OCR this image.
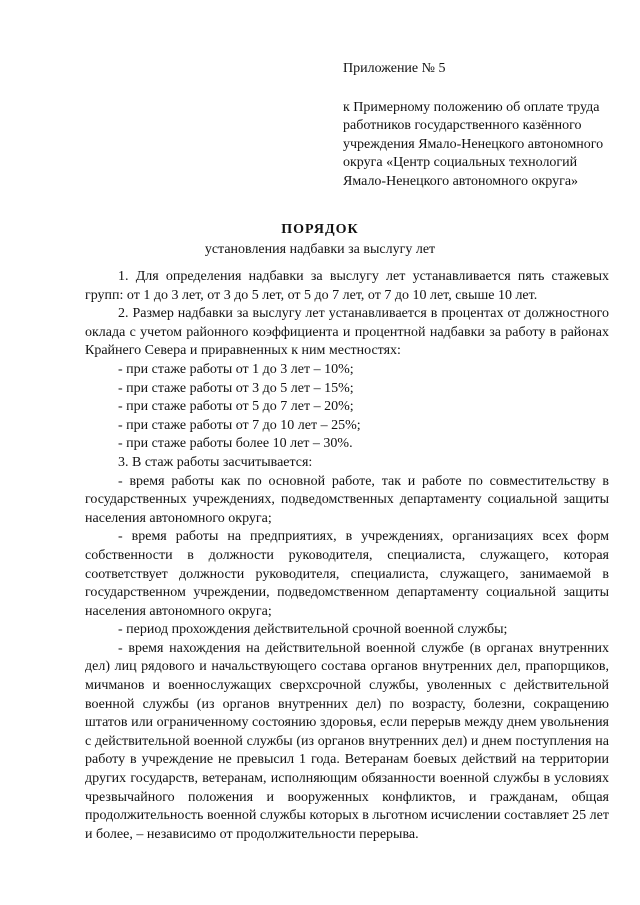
Приложение № 5

к Примерному положению об оплате труда работников государственного казённого учреждения Ямало-Ненецкого автономного округа «Центр социальных технологий Ямало-Ненецкого автономного округа»

ПОРЯДОК
установления надбавки за выслугу лет

1. Для определения надбавки за выслугу лет устанавливается пять стажевых групп: от 1 до 3 лет, от 3 до 5 лет, от 5 до 7 лет, от 7 до 10 лет, свыше 10 лет.

2. Размер надбавки за выслугу лет устанавливается в процентах от должностного оклада с учетом районного коэффициента и процентной надбавки за работу в районах Крайнего Севера и приравненных к ним местностях:

- при стаже работы от 1 до 3 лет – 10%;

- при стаже работы от 3 до 5 лет – 15%;

- при стаже работы от 5 до 7 лет – 20%;

- при стаже работы от 7 до 10 лет – 25%;

- при стаже работы более 10 лет – 30%.

3. В стаж работы засчитывается:

- время работы как по основной работе, так и работе по совместительству в государственных учреждениях, подведомственных департаменту социальной защиты населения автономного округа;

- время работы на предприятиях, в учреждениях, организациях всех форм собственности в должности руководителя, специалиста, служащего, которая соответствует должности руководителя, специалиста, служащего, занимаемой в государственном учреждении, подведомственном департаменту социальной защиты населения автономного округа;

- период прохождения действительной срочной военной службы;

- время нахождения на действительной военной службе (в органах внутренних дел) лиц рядового и начальствующего состава органов внутренних дел, прапорщиков, мичманов и военнослужащих сверхсрочной службы, уволенных с действительной военной службы (из органов внутренних дел) по возрасту, болезни, сокращению штатов или ограниченному состоянию здоровья, если перерыв между днем увольнения с действительной военной службы (из органов внутренних дел) и днем поступления на работу в учреждение не превысил 1 года. Ветеранам боевых действий на территории других государств, ветеранам, исполняющим обязанности военной службы в условиях чрезвычайного положения и вооруженных конфликтов, и гражданам, общая продолжительность военной службы которых в льготном исчислении составляет 25 лет и более, – независимо от продолжительности перерыва.
